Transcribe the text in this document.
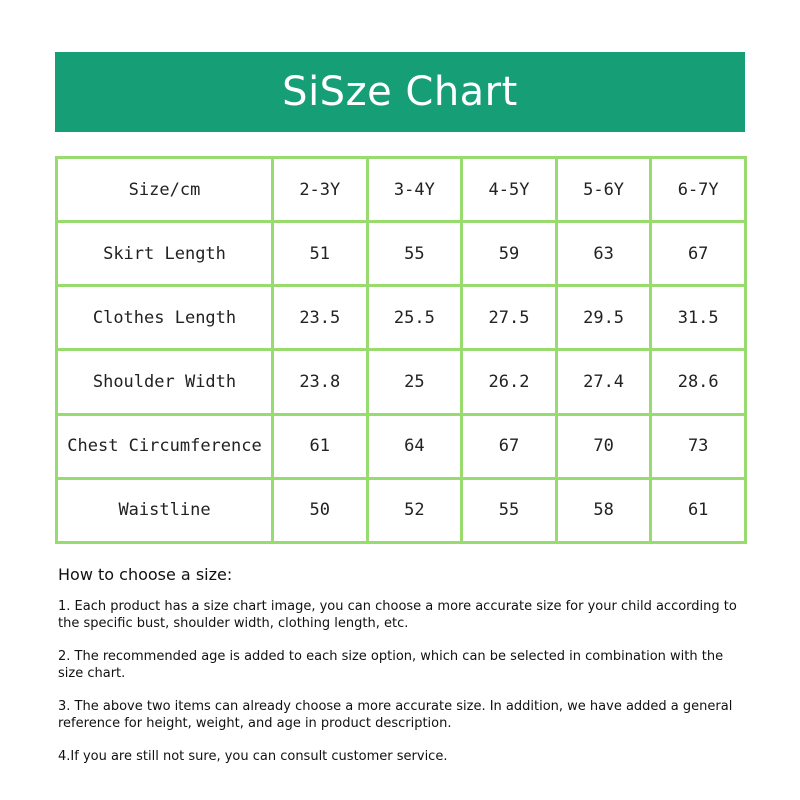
SiSze Chart
Size/cm	2-3Y	3-4Y	4-5Y	5-6Y	6-7Y
Skirt Length	51	55	59	63	67
Clothes Length	23.5	25.5	27.5	29.5	31.5
Shoulder Width	23.8	25	26.2	27.4	28.6
Chest Circumference	61	64	67	70	73
Waistline	50	52	55	58	61
How to choose a size:
1. Each product has a size chart image, you can choose a more accurate size for your child according to the specific bust, shoulder width, clothing length, etc.
2. The recommended age is added to each size option, which can be selected in combination with the size chart.
3. The above two items can already choose a more accurate size. In addition, we have added a general reference for height, weight, and age in product description.
4.If you are still not sure, you can consult customer service.
